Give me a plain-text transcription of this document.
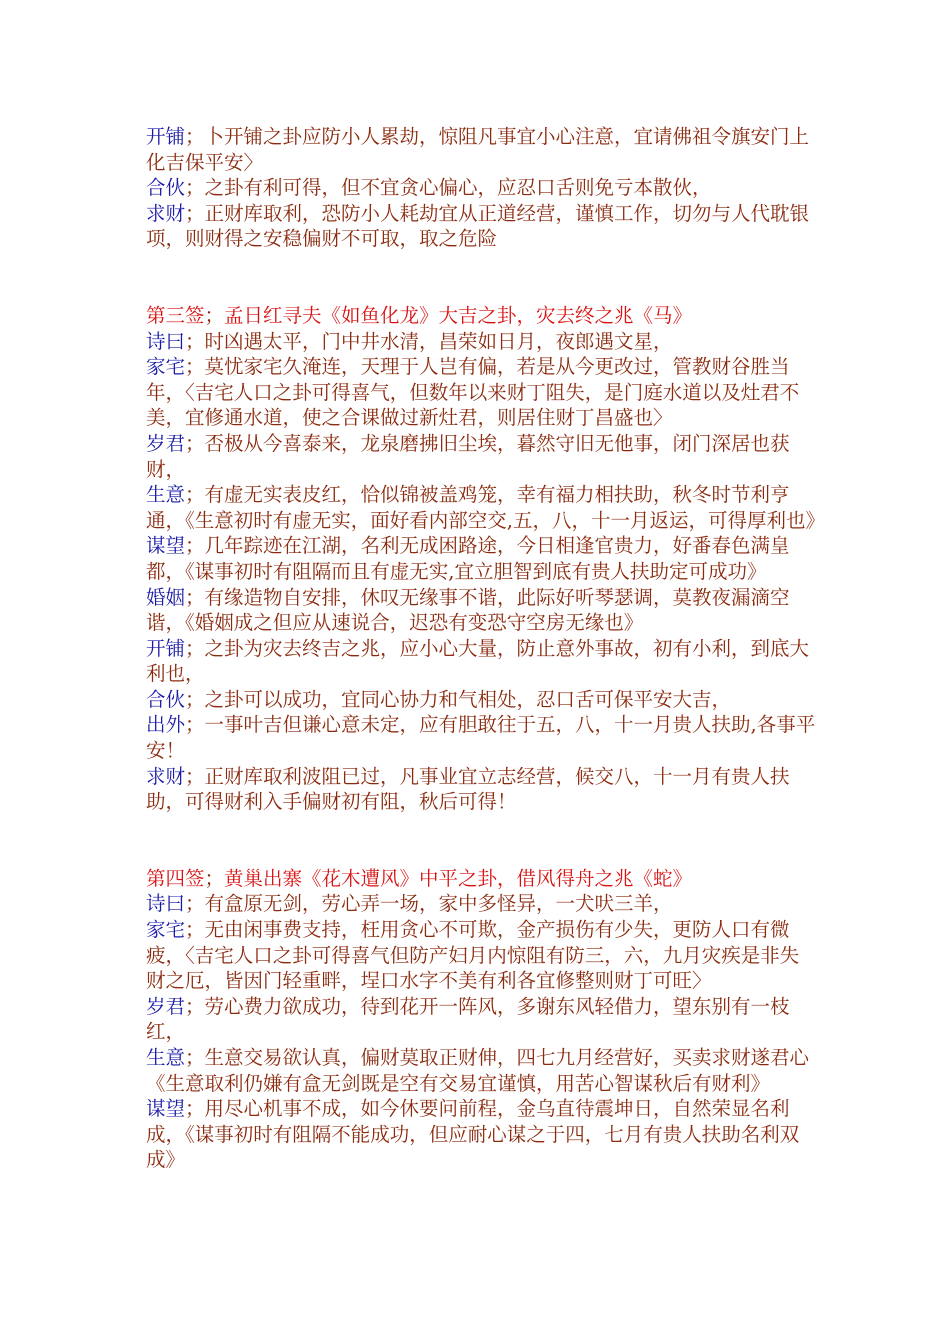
开铺；卜开铺之卦应防小人累劫，惊阻凡事宜小心注意，宜请佛祖令旗安门上化吉保平安〉
合伙；之卦有利可得，但不宜贪心偏心，应忍口舌则免亏本散伙，
求财；正财库取利，恐防小人耗劫宜从正道经营，谨慎工作，切勿与人代耽银项，则财得之安稳偏财不可取，取之危险
第三签；孟日红寻夫《如鱼化龙》大吉之卦，灾去终之兆《马》
诗曰；时凶遇太平，门中井水清，昌荣如日月，夜郎遇文星，
家宅；莫忧家宅久淹连，天理于人岂有偏，若是从今更改过，管教财谷胜当年，〈吉宅人口之卦可得喜气，但数年以来财丁阻失，是门庭水道以及灶君不美，宜修通水道，使之合课做过新灶君，则居住财丁昌盛也〉
岁君；否极从今喜泰来，龙泉磨拂旧尘埃，暮然守旧无他事，闭门深居也获财，
生意；有虚无实表皮红，恰似锦被盖鸡笼，幸有福力相扶助，秋冬时节利亨通，《生意初时有虚无实，面好看内部空交,五，八，十一月返运，可得厚利也》
谋望；几年踪迹在江湖，名利无成困路途，今日相逢官贵力，好番春色满皇都，《谋事初时有阻隔而且有虚无实,宜立胆智到底有贵人扶助定可成功》
婚姻；有缘造物自安排，休叹无缘事不谐，此际好听琴瑟调，莫教夜漏滴空谐，《婚姻成之但应从速说合，迟恐有变恐守空房无缘也》
开铺；之卦为灾去终吉之兆，应小心大量，防止意外事故，初有小利，到底大利也，
合伙；之卦可以成功，宜同心协力和气相处，忍口舌可保平安大吉，
出外；一事叶吉但谦心意未定，应有胆敢往于五，八，十一月贵人扶助,各事平安！
求财；正财库取利波阻已过，凡事业宜立志经营，候交八，十一月有贵人扶助，可得财利入手偏财初有阻，秋后可得！
第四签；黄巢出寨《花木遭风》中平之卦，借风得舟之兆《蛇》
诗曰；有盒原无剑，劳心弄一场，家中多怪异，一犬吠三羊，
家宅；无由闲事费支持，枉用贪心不可欺，金产损伤有少失，更防人口有微疲，〈吉宅人口之卦可得喜气但防产妇月内惊阻有防三，六，九月灾疾是非失财之厄，皆因门轻重畔，埕口水字不美有利各宜修整则财丁可旺〉
岁君；劳心费力欲成功，待到花开一阵风，多谢东风轻借力，望东别有一枝红，
生意；生意交易欲认真，偏财莫取正财伸，四七九月经营好，买卖求财遂君心《生意取利仍嫌有盒无剑既是空有交易宜谨慎，用苦心智谋秋后有财利》
谋望；用尽心机事不成，如今休要问前程，金乌直待震坤日，自然荣显名利成，《谋事初时有阻隔不能成功，但应耐心谋之于四，七月有贵人扶助名利双成》
